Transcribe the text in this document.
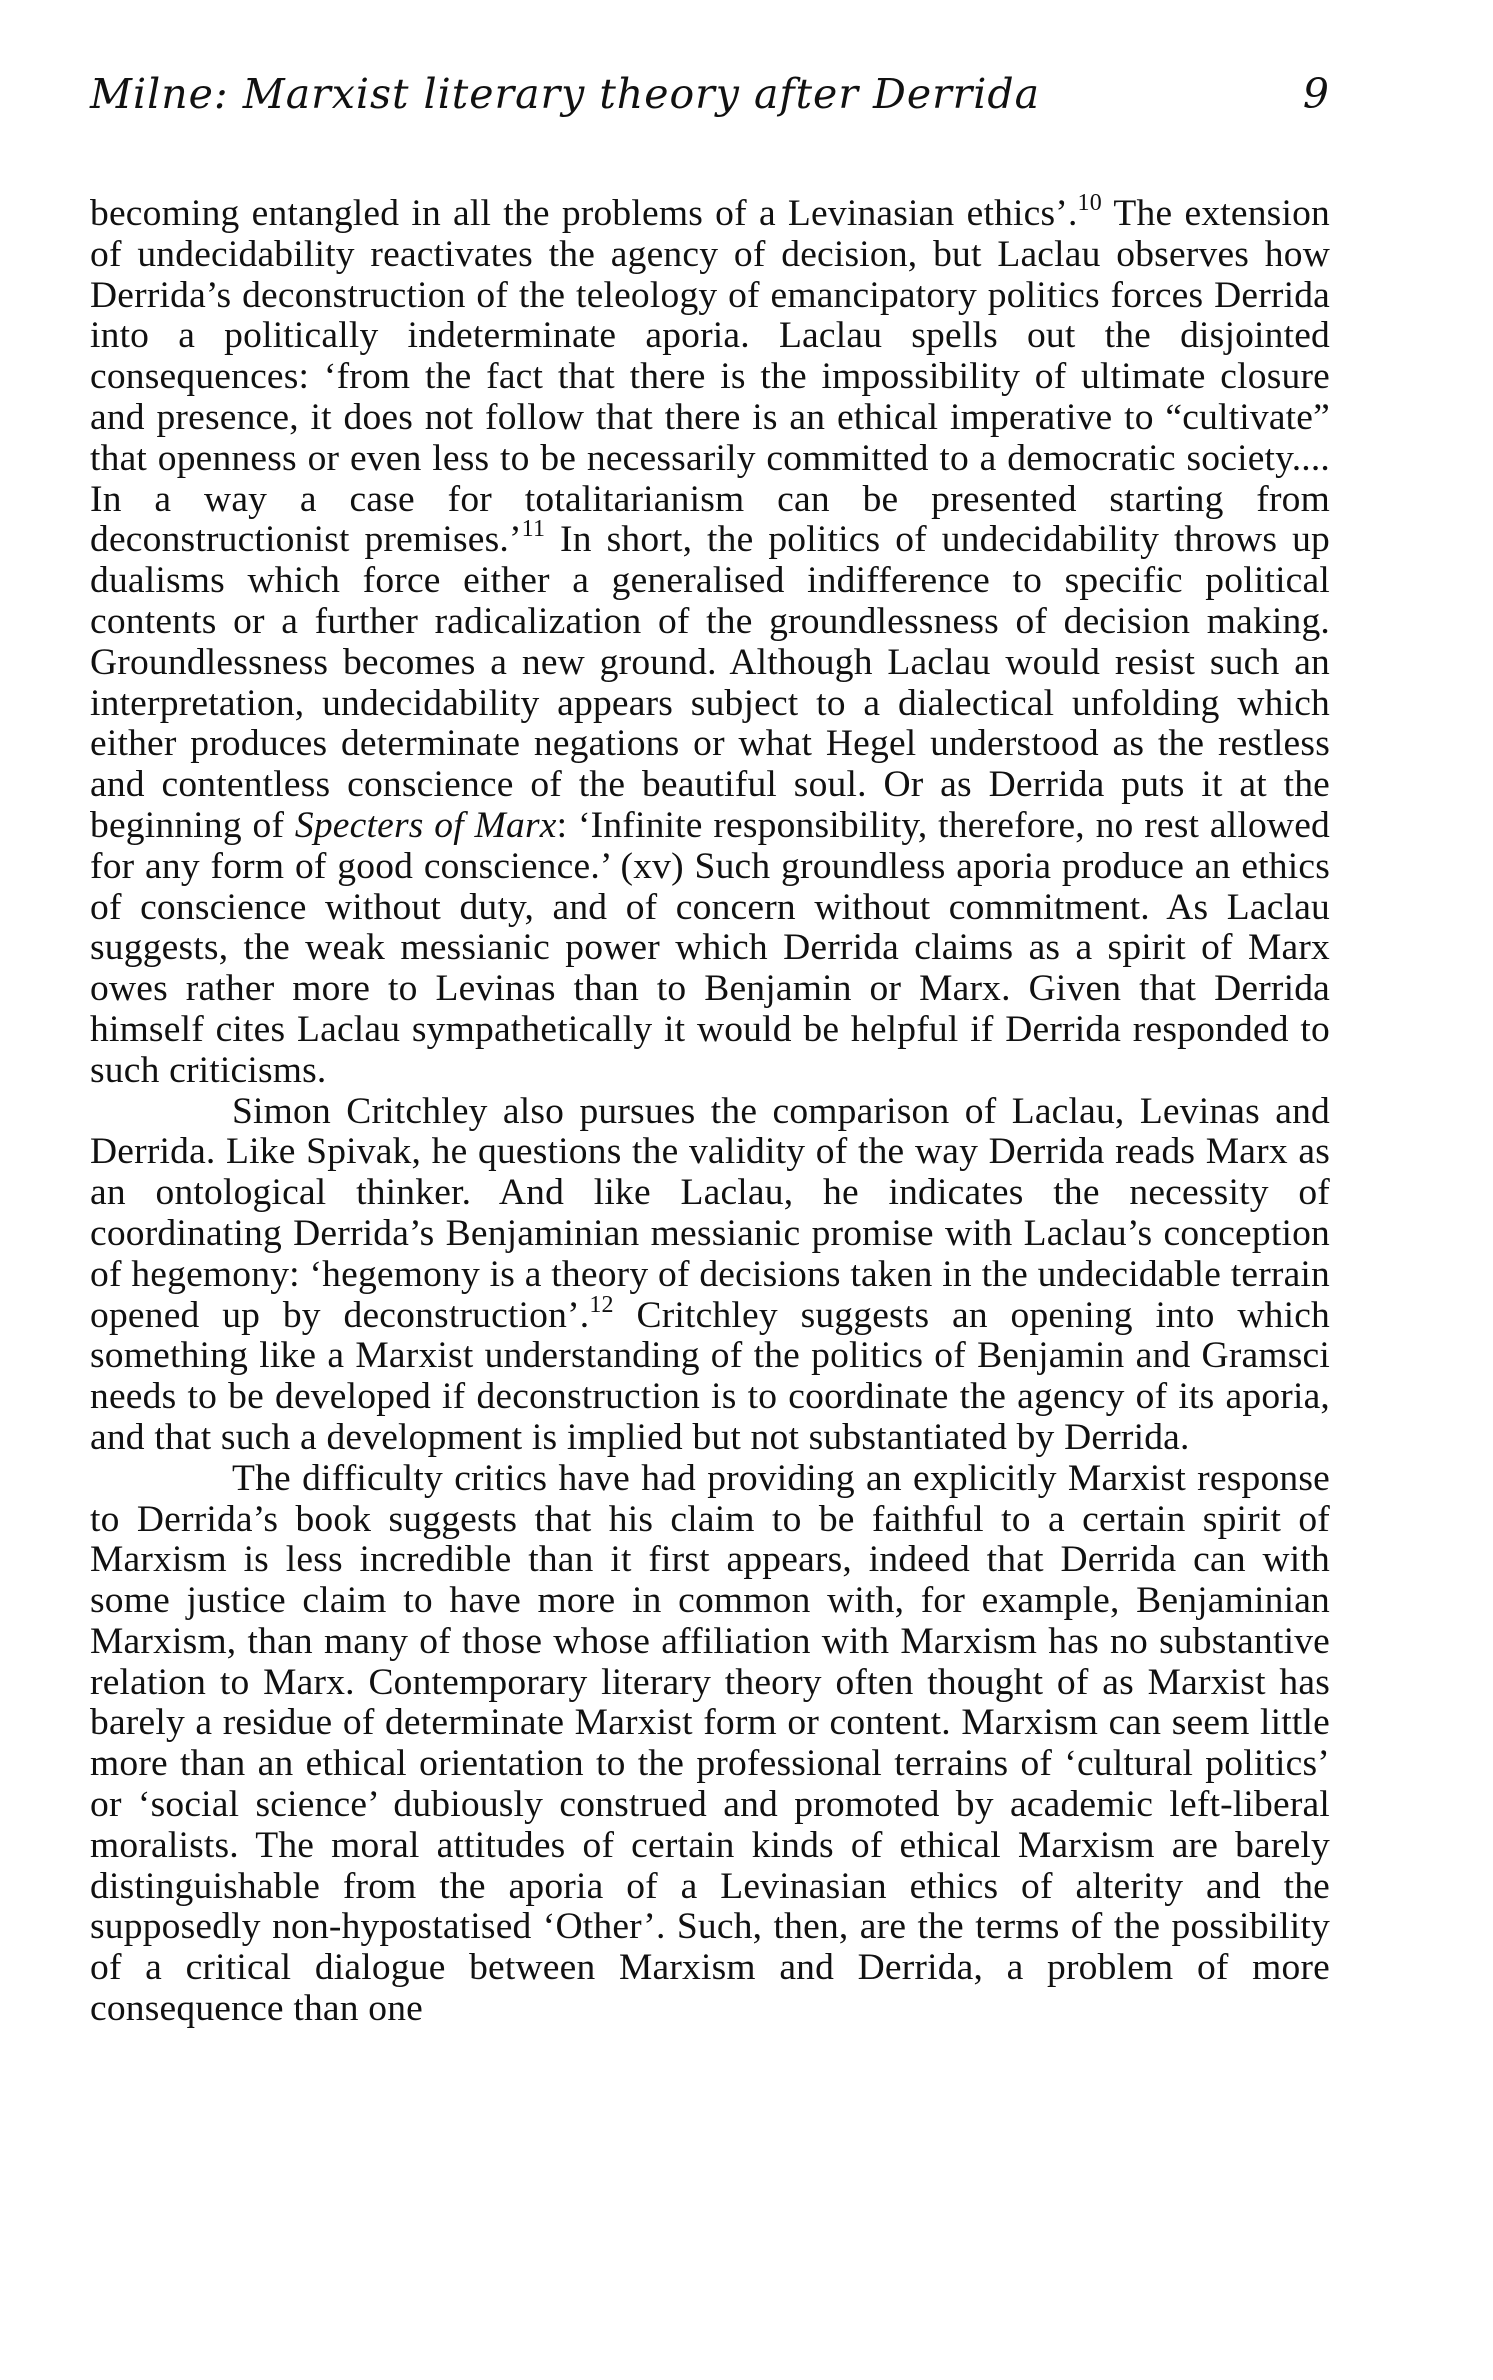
Milne: Marxist literary theory after Derrida	9

becoming entangled in all the problems of a Levinasian ethics’.$^{10}$ The extension of undecidability reactivates the agency of decision, but Laclau observes how Derrida’s deconstruction of the teleology of emancipatory politics forces Derrida into a politically indeterminate aporia. Laclau spells out the disjointed consequences: ‘from the fact that there is the impossibility of ultimate closure and presence, it does not follow that there is an ethical imperative to “cultivate” that openness or even less to be necessarily committed to a democratic society.... In a way a case for totalitarianism can be presented starting from deconstructionist premises.’$^{11}$ In short, the politics of undecidability throws up dualisms which force either a generalised indifference to specific political contents or a further radicalization of the groundlessness of decision making. Groundlessness becomes a new ground. Although Laclau would resist such an interpretation, undecidability appears subject to a dialectical unfolding which either produces determinate negations or what Hegel understood as the restless and contentless conscience of the beautiful soul. Or as Derrida puts it at the beginning of Specters of Marx: ‘Infinite responsibility, therefore, no rest allowed for any form of good conscience.’ (xv) Such groundless aporia produce an ethics of conscience without duty, and of concern without commitment. As Laclau suggests, the weak messianic power which Derrida claims as a spirit of Marx owes rather more to Levinas than to Benjamin or Marx. Given that Derrida himself cites Laclau sympathetically it would be helpful if Derrida responded to such criticisms.

Simon Critchley also pursues the comparison of Laclau, Levinas and Derrida. Like Spivak, he questions the validity of the way Derrida reads Marx as an ontological thinker. And like Laclau, he indicates the necessity of coordinating Derrida’s Benjaminian messianic promise with Laclau’s conception of hegemony: ‘hegemony is a theory of decisions taken in the undecidable terrain opened up by deconstruction’.$^{12}$ Critchley suggests an opening into which something like a Marxist understanding of the politics of Benjamin and Gramsci needs to be developed if deconstruction is to coordinate the agency of its aporia, and that such a development is implied but not substantiated by Derrida.

The difficulty critics have had providing an explicitly Marxist response to Derrida’s book suggests that his claim to be faithful to a certain spirit of Marxism is less incredible than it first appears, indeed that Derrida can with some justice claim to have more in common with, for example, Benjaminian Marxism, than many of those whose affiliation with Marxism has no substantive relation to Marx. Contemporary literary theory often thought of as Marxist has barely a residue of determinate Marxist form or content. Marxism can seem little more than an ethical orientation to the professional terrains of ‘cultural politics’ or ‘social science’ dubiously construed and promoted by academic left-liberal moralists. The moral attitudes of certain kinds of ethical Marxism are barely distinguishable from the aporia of a Levinasian ethics of alterity and the supposedly non-hypostatised ‘Other’. Such, then, are the terms of the possibility of a critical dialogue between Marxism and Derrida, a problem of more consequence than one
